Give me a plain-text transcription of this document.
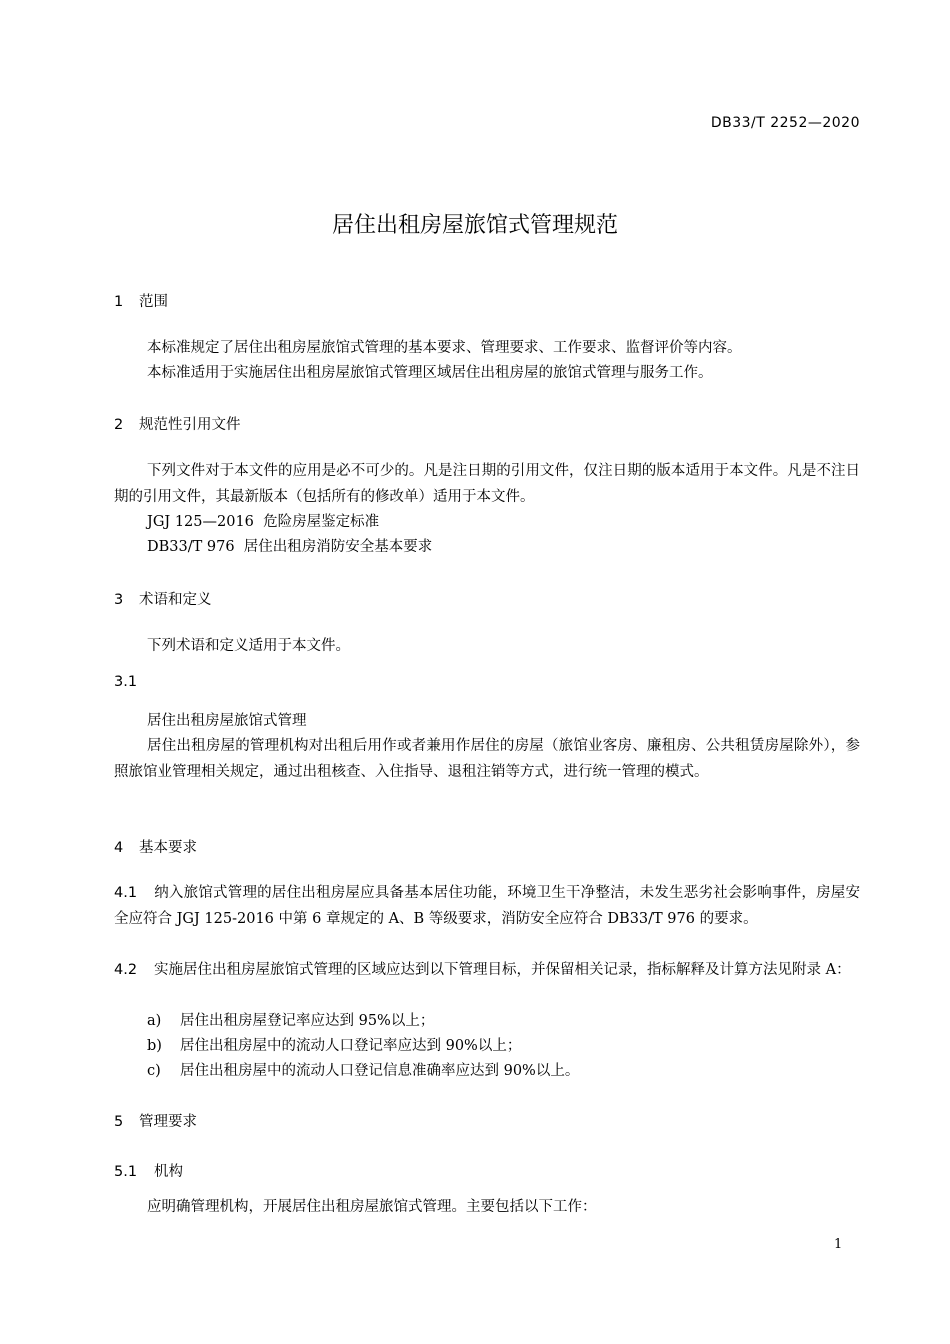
DB33/T 2252—2020
居住出租房屋旅馆式管理规范
1 范围
本标准规定了居住出租房屋旅馆式管理的基本要求、管理要求、工作要求、监督评价等内容。
本标准适用于实施居住出租房屋旅馆式管理区域居住出租房屋的旅馆式管理与服务工作。
2 规范性引用文件
下列文件对于本文件的应用是必不可少的。凡是注日期的引用文件，仅注日期的版本适用于本文件。凡是不注日期的引用文件，其最新版本（包括所有的修改单）适用于本文件。
JGJ 125—2016 危险房屋鉴定标准
DB33/T 976 居住出租房消防安全基本要求
3 术语和定义
下列术语和定义适用于本文件。
3.1
居住出租房屋旅馆式管理
居住出租房屋的管理机构对出租后用作或者兼用作居住的房屋（旅馆业客房、廉租房、公共租赁房屋除外），参照旅馆业管理相关规定，通过出租核查、入住指导、退租注销等方式，进行统一管理的模式。
4 基本要求
4.1 纳入旅馆式管理的居住出租房屋应具备基本居住功能，环境卫生干净整洁，未发生恶劣社会影响事件，房屋安全应符合 JGJ 125-2016 中第 6 章规定的 A、B 等级要求，消防安全应符合 DB33/T 976 的要求。
4.2 实施居住出租房屋旅馆式管理的区域应达到以下管理目标，并保留相关记录，指标解释及计算方法见附录 A：
a) 居住出租房屋登记率应达到 95%以上；
b) 居住出租房屋中的流动人口登记率应达到 90%以上；
c) 居住出租房屋中的流动人口登记信息准确率应达到 90%以上。
5 管理要求
5.1 机构
应明确管理机构，开展居住出租房屋旅馆式管理。主要包括以下工作：
1
